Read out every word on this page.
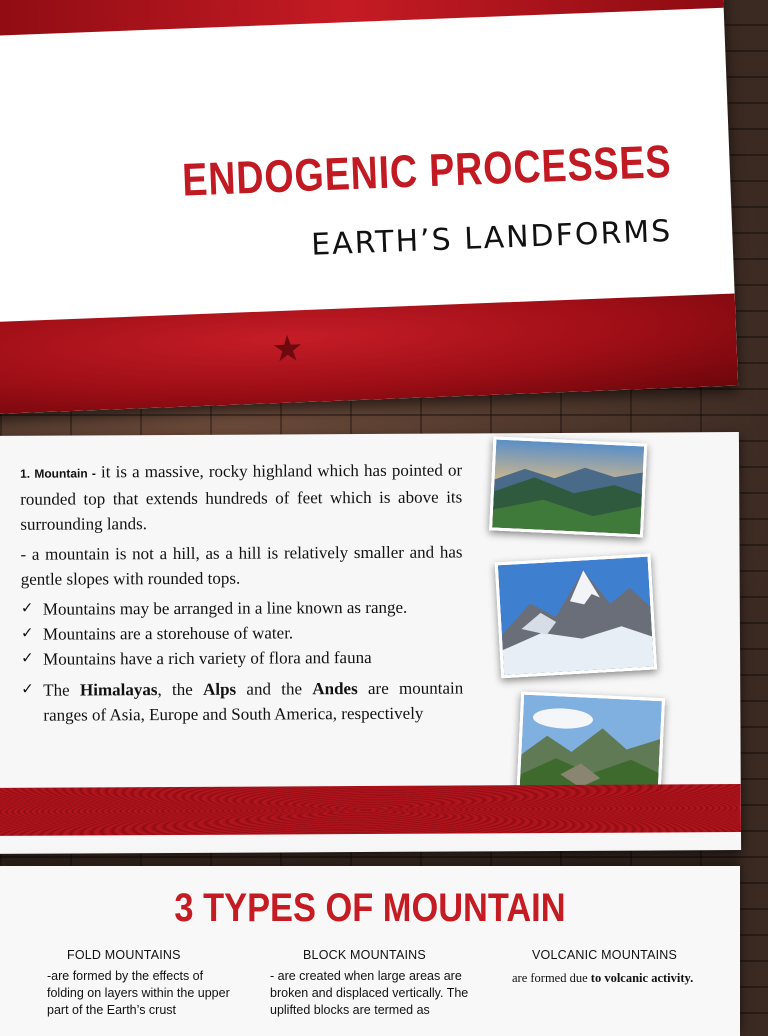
ENDOGENIC PROCESSES
EARTH’S LANDFORMS
★

1. Mountain - it is a massive, rocky highland which has pointed or rounded top that extends hundreds of feet which is above its surrounding lands.

- a mountain is not a hill, as a hill is relatively smaller and has gentle slopes with rounded tops.

✓ Mountains may be arranged in a line known as range.
✓ Mountains are a storehouse of water.
✓ Mountains have a rich variety of flora and fauna
✓ The Himalayas, the Alps and the Andes are mountain ranges of Asia, Europe and South America, respectively
3 TYPES OF MOUNTAIN
FOLD MOUNTAINS

-are formed by the effects of folding on layers within the upper part of the Earth’s crust

BLOCK MOUNTAINS

- are created when large areas are broken and displaced vertically. The uplifted blocks are termed as

VOLCANIC MOUNTAINS

are formed due to volcanic activity.
